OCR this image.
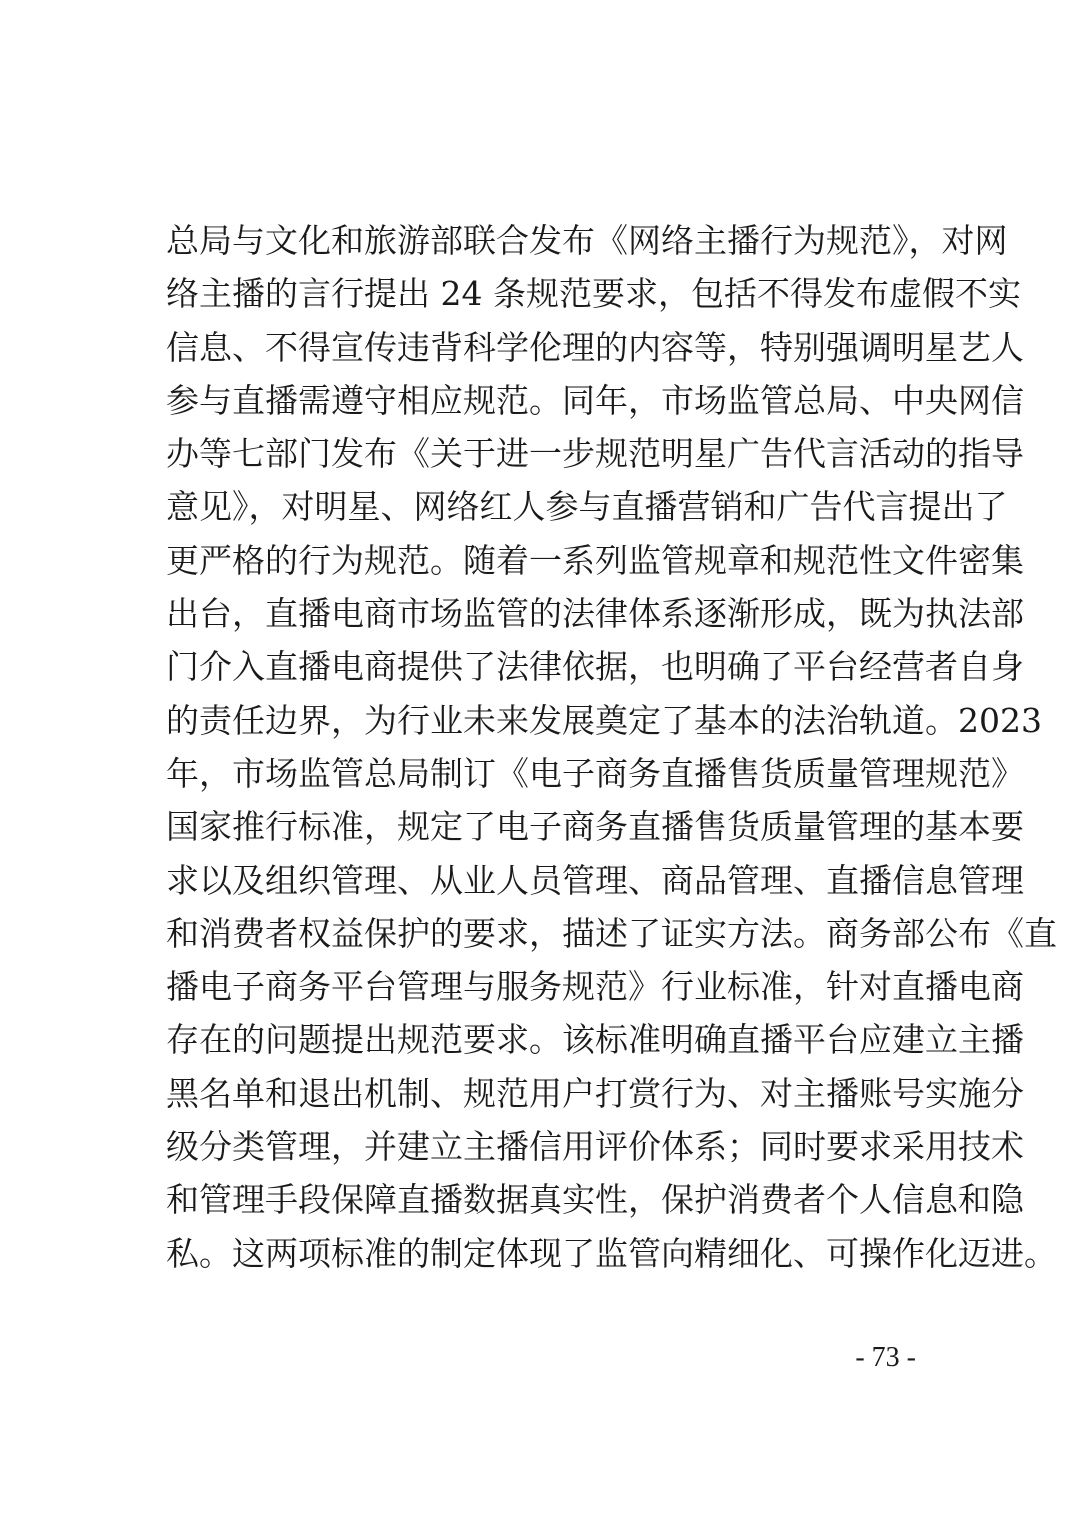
总局与文化和旅游部联合发布《网络主播行为规范》，对网
络主播的言行提出 24 条规范要求，包括不得发布虚假不实
信息、不得宣传违背科学伦理的内容等，特别强调明星艺人
参与直播需遵守相应规范。同年，市场监管总局、中央网信
办等七部门发布《关于进一步规范明星广告代言活动的指导
意见》，对明星、网络红人参与直播营销和广告代言提出了
更严格的行为规范。随着一系列监管规章和规范性文件密集
出台，直播电商市场监管的法律体系逐渐形成，既为执法部
门介入直播电商提供了法律依据，也明确了平台经营者自身
的责任边界，为行业未来发展奠定了基本的法治轨道。2023
年，市场监管总局制订《电子商务直播售货质量管理规范》
国家推行标准，规定了电子商务直播售货质量管理的基本要
求以及组织管理、从业人员管理、商品管理、直播信息管理
和消费者权益保护的要求，描述了证实方法。商务部公布《直
播电子商务平台管理与服务规范》行业标准，针对直播电商
存在的问题提出规范要求。该标准明确直播平台应建立主播
黑名单和退出机制、规范用户打赏行为、对主播账号实施分
级分类管理，并建立主播信用评价体系；同时要求采用技术
和管理手段保障直播数据真实性，保护消费者个人信息和隐
私。这两项标准的制定体现了监管向精细化、可操作化迈进。
- 73 -
